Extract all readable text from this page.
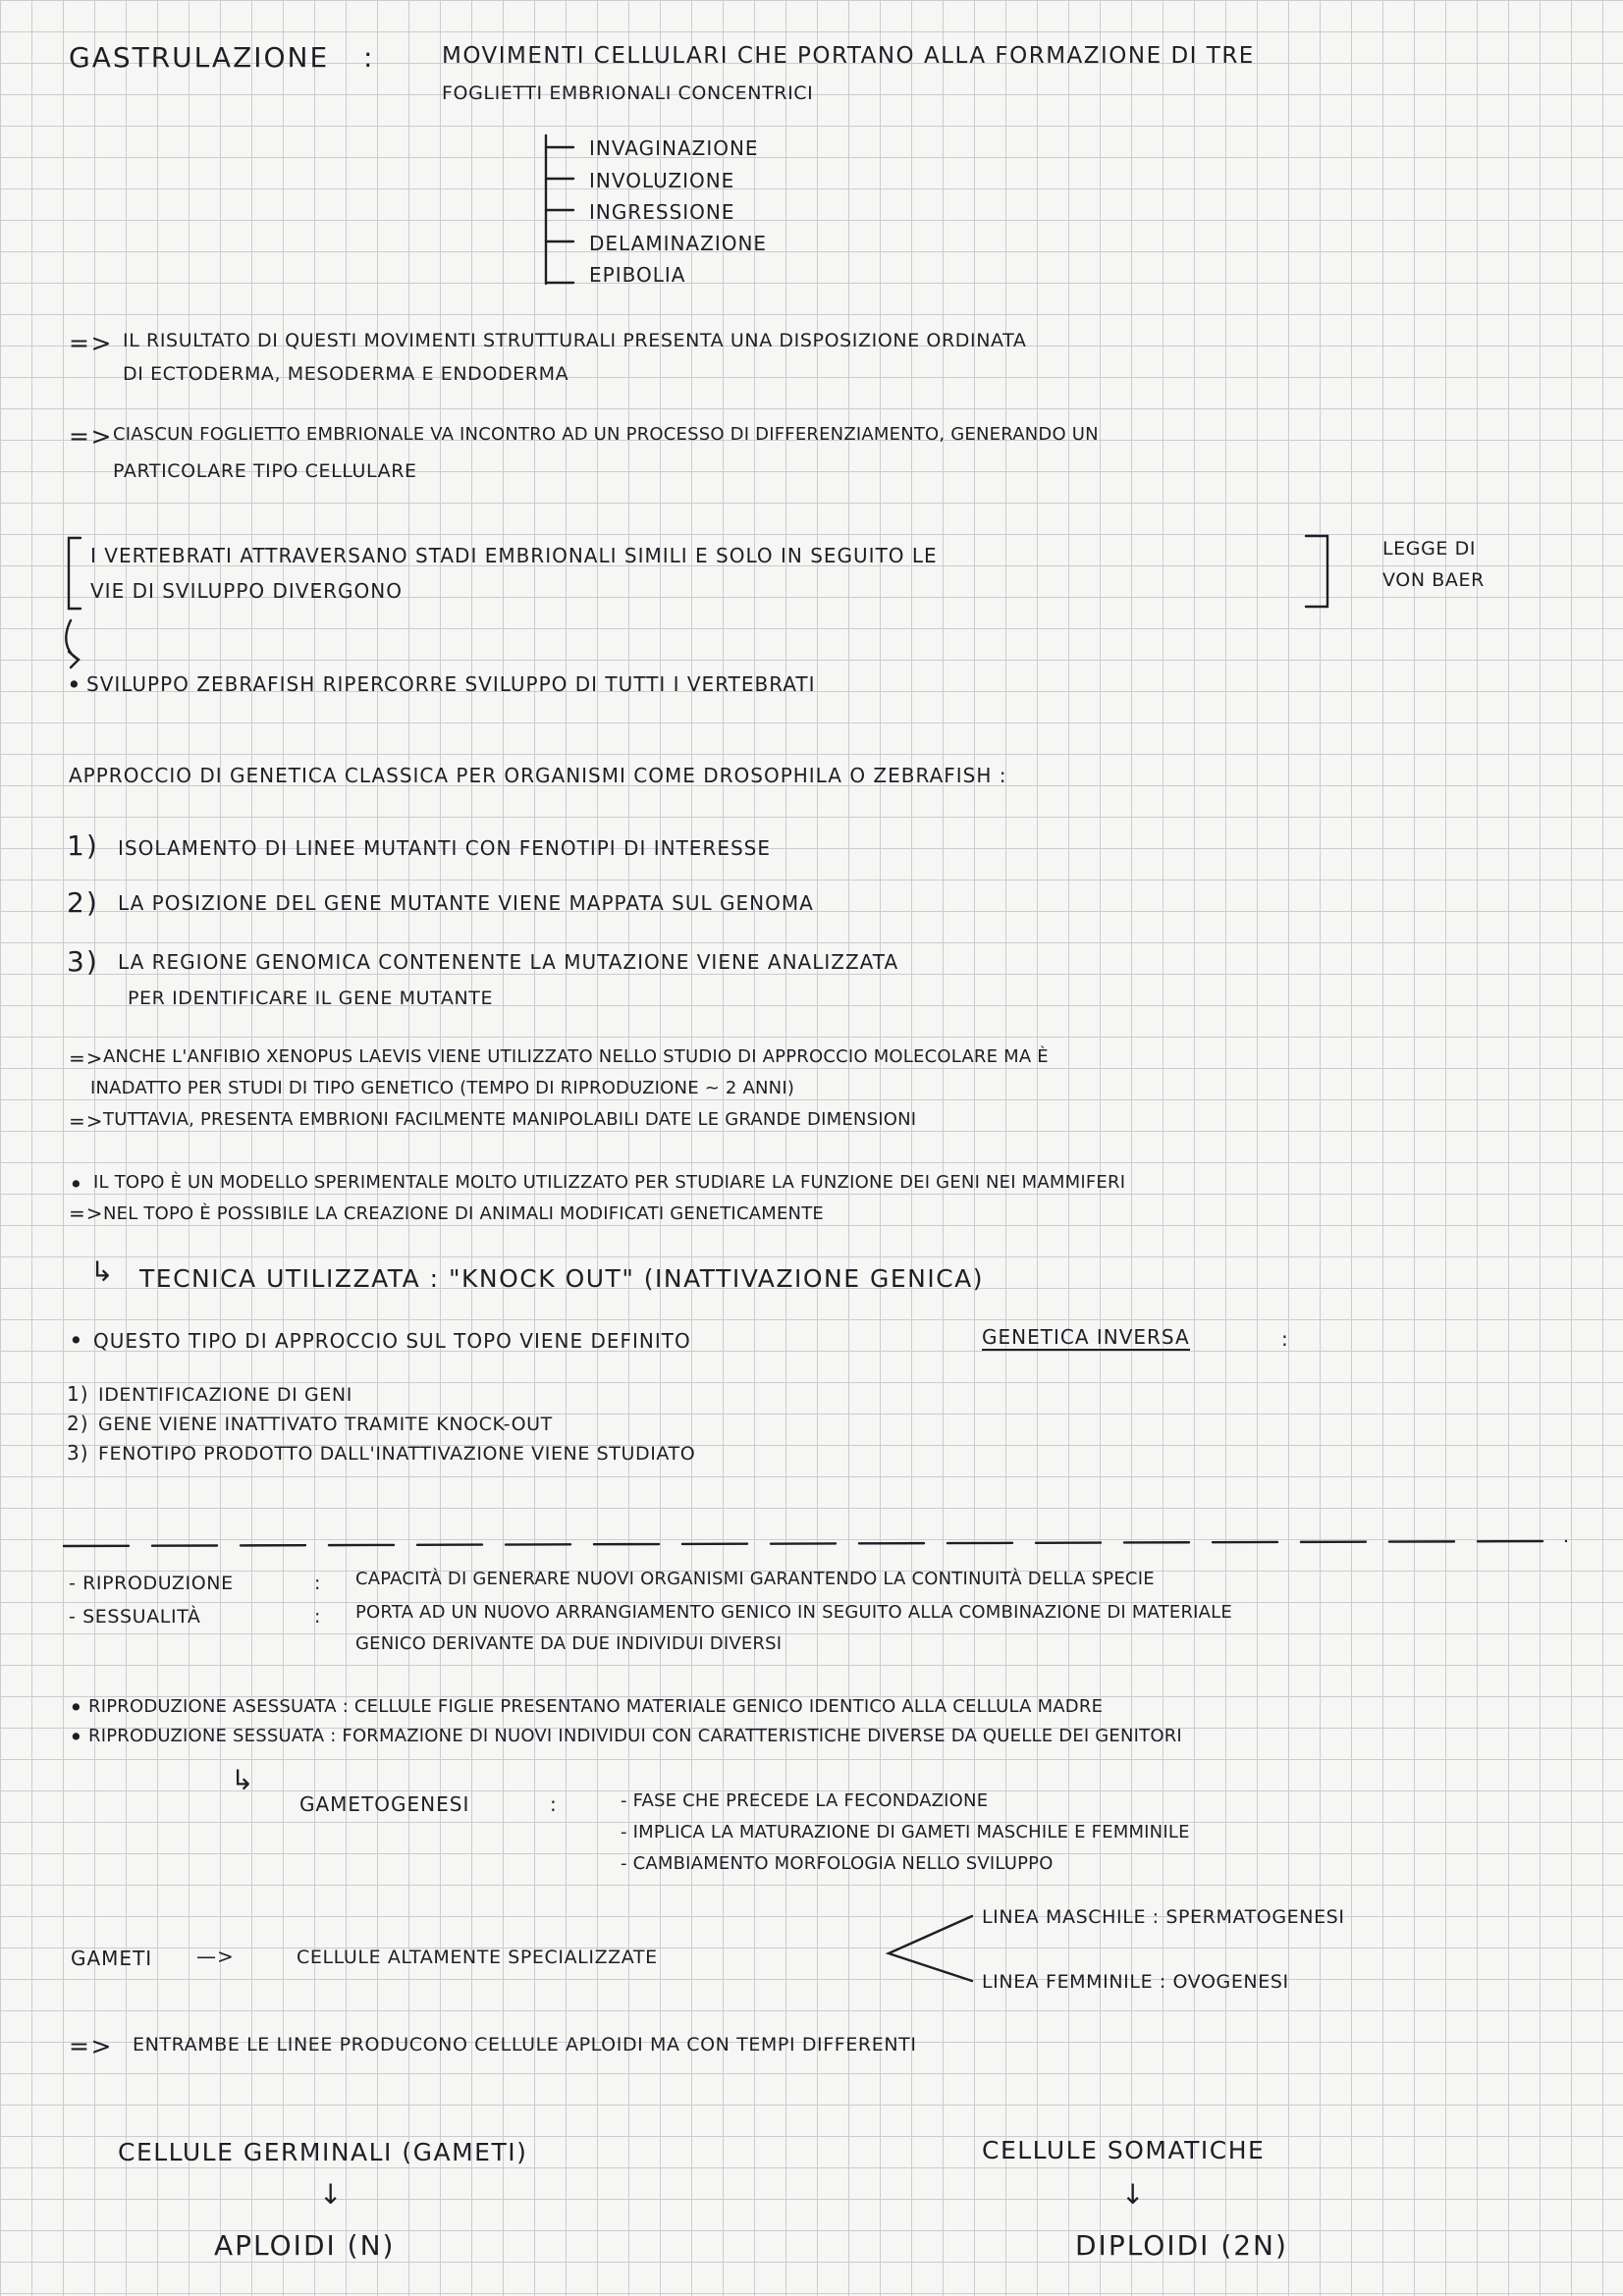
GASTRULAZIONE :	MOVIMENTI CELLULARI CHE PORTANO ALLA FORMAZIONE DI TRE
FOGLIETTI EMBRIONALI CONCENTRICI
INVAGINAZIONE
INVOLUZIONE
INGRESSIONE
DELAMINAZIONE
EPIBOLIA
=> IL RISULTATO DI QUESTI MOVIMENTI STRUTTURALI PRESENTA UNA DISPOSIZIONE ORDINATA
DI ECTODERMA, MESODERMA E ENDODERMA
=> CIASCUN FOGLIETTO EMBRIONALE VA INCONTRO AD UN PROCESSO DI DIFFERENZIAMENTO, GENERANDO UN
PARTICOLARE TIPO CELLULARE
I VERTEBRATI ATTRAVERSANO STADI EMBRIONALI SIMILI E SOLO IN SEGUITO LE
VIE DI SVILUPPO DIVERGONO
LEGGE DI
VON BAER
• SVILUPPO ZEBRAFISH RIPERCORRE SVILUPPO DI TUTTI I VERTEBRATI
APPROCCIO DI GENETICA CLASSICA PER ORGANISMI COME DROSOPHILA O ZEBRAFISH :
1) ISOLAMENTO DI LINEE MUTANTI CON FENOTIPI DI INTERESSE
2) LA POSIZIONE DEL GENE MUTANTE VIENE MAPPATA SUL GENOMA
3) LA REGIONE GENOMICA CONTENENTE LA MUTAZIONE VIENE ANALIZZATA
PER IDENTIFICARE IL GENE MUTANTE
=> ANCHE L'ANFIBIO XENOPUS LAEVIS VIENE UTILIZZATO NELLO STUDIO DI APPROCCIO MOLECOLARE MA È
INADATTO PER STUDI DI TIPO GENETICO (TEMPO DI RIPRODUZIONE ~ 2 ANNI)
=> TUTTAVIA, PRESENTA EMBRIONI FACILMENTE MANIPOLABILI DATE LE GRANDE DIMENSIONI
• IL TOPO È UN MODELLO SPERIMENTALE MOLTO UTILIZZATO PER STUDIARE LA FUNZIONE DEI GENI NEI MAMMIFERI
=> NEL TOPO È POSSIBILE LA CREAZIONE DI ANIMALI MODIFICATI GENETICAMENTE
↳ TECNICA UTILIZZATA : "KNOCK OUT" (INATTIVAZIONE GENICA)
• QUESTO TIPO DI APPROCCIO SUL TOPO VIENE DEFINITO	GENETICA INVERSA	:
1) IDENTIFICAZIONE DI GENI
2) GENE VIENE INATTIVATO TRAMITE KNOCK-OUT
3) FENOTIPO PRODOTTO DALL'INATTIVAZIONE VIENE STUDIATO
- RIPRODUZIONE	: CAPACITÀ DI GENERARE NUOVI ORGANISMI GARANTENDO LA CONTINUITÀ DELLA SPECIE
- SESSUALITÀ	: PORTA AD UN NUOVO ARRANGIAMENTO GENICO IN SEGUITO ALLA COMBINAZIONE DI MATERIALE
GENICO DERIVANTE DA DUE INDIVIDUI DIVERSI
• RIPRODUZIONE ASESSUATA : CELLULE FIGLIE PRESENTANO MATERIALE GENICO IDENTICO ALLA CELLULA MADRE
• RIPRODUZIONE SESSUATA : FORMAZIONE DI NUOVI INDIVIDUI CON CARATTERISTICHE DIVERSE DA QUELLE DEI GENITORI
↳
GAMETOGENESI	:	- FASE CHE PRECEDE LA FECONDAZIONE
- IMPLICA LA MATURAZIONE DI GAMETI MASCHILE E FEMMINILE
- CAMBIAMENTO MORFOLOGIA NELLO SVILUPPO
GAMETI —>	CELLULE ALTAMENTE SPECIALIZZATE
LINEA MASCHILE : SPERMATOGENESI
LINEA FEMMINILE : OVOGENESI
=> ENTRAMBE LE LINEE PRODUCONO CELLULE APLOIDI MA CON TEMPI DIFFERENTI
CELLULE GERMINALI (GAMETI)
↓
APLOIDI (N)
CELLULE SOMATICHE
↓
DIPLOIDI (2N)
